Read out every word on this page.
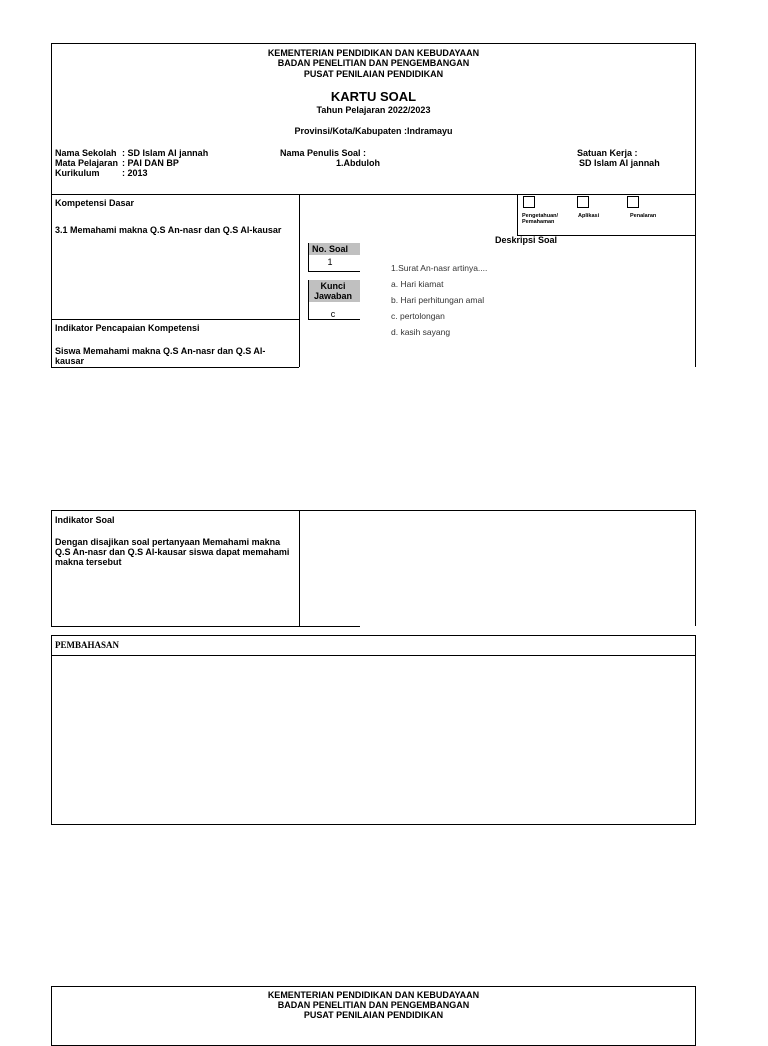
KEMENTERIAN PENDIDIKAN DAN KEBUDAYAAN
BADAN PENELITIAN DAN PENGEMBANGAN
PUSAT PENILAIAN PENDIDIKAN
KARTU SOAL
Tahun Pelajaran 2022/2023
Provinsi/Kota/Kabupaten :Indramayu
Nama Sekolah : SD Islam Al jannah
Mata Pelajaran : PAI DAN BP
Kurikulum : 2013
Nama Penulis Soal :
1.Abduloh
Satuan Kerja :
SD Islam Al jannah
Kompetensi Dasar
3.1 Memahami makna Q.S An-nasr dan Q.S Al-kausar
Pengetahuan/ Pemahaman
Aplikasi	Penalaran
Deskripsi Soal
No. Soal
1
Kunci Jawaban
c
1.Surat An-nasr artinya....
a. Hari kiamat
b. Hari perhitungan amal
c. pertolongan
d. kasih sayang
Indikator Pencapaian Kompetensi
Siswa Memahami makna Q.S An-nasr dan Q.S Al-kausar
Indikator Soal
Dengan disajikan soal pertanyaan Memahami makna Q.S An-nasr dan Q.S Al-kausar siswa dapat memahami makna tersebut
PEMBAHASAN
KEMENTERIAN PENDIDIKAN DAN KEBUDAYAAN
BADAN PENELITIAN DAN PENGEMBANGAN
PUSAT PENILAIAN PENDIDIKAN
